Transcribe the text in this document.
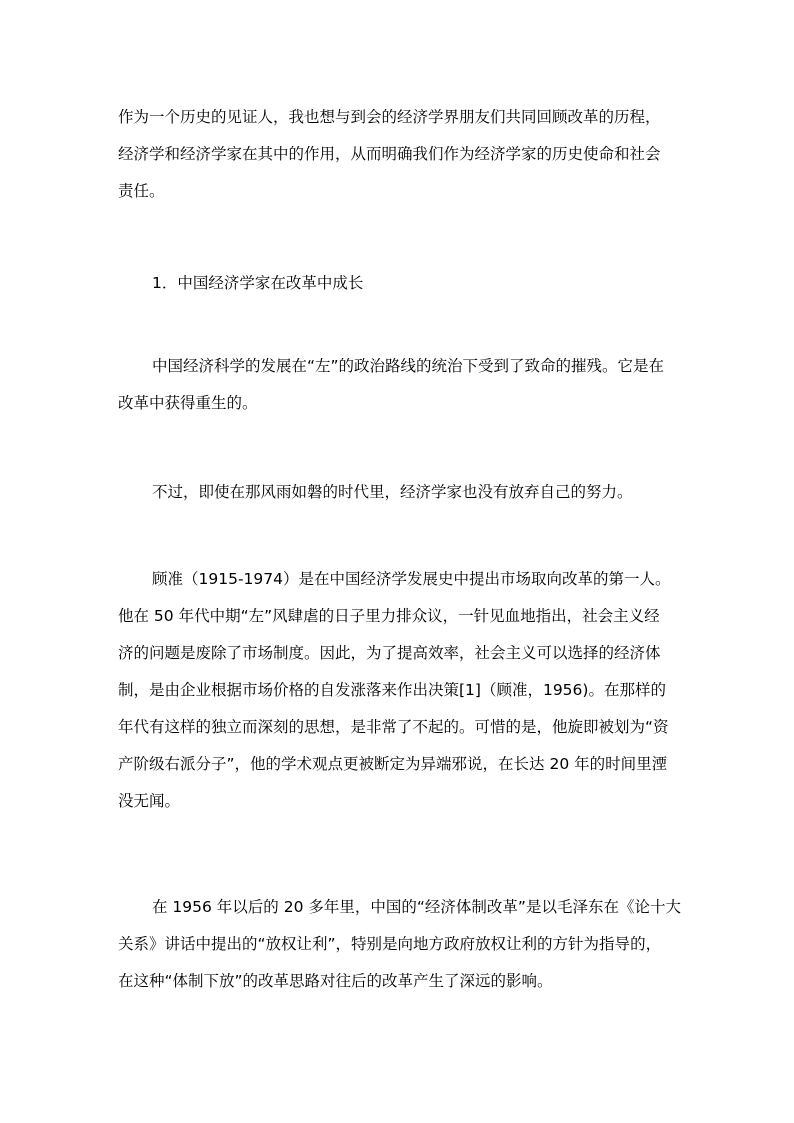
作为一个历史的见证人，我也想与到会的经济学界朋友们共同回顾改革的历程，
经济学和经济学家在其中的作用，从而明确我们作为经济学家的历史使命和社会
责任。
1．中国经济学家在改革中成长
中国经济科学的发展在“左”的政治路线的统治下受到了致命的摧残。它是在
改革中获得重生的。
不过，即使在那风雨如磐的时代里，经济学家也没有放弃自己的努力。
顾准（1915-1974）是在中国经济学发展史中提出市场取向改革的第一人。
他在 50 年代中期“左”风肆虐的日子里力排众议，一针见血地指出，社会主义经
济的问题是废除了市场制度。因此，为了提高效率，社会主义可以选择的经济体
制，是由企业根据市场价格的自发涨落来作出决策[1]（顾准，1956)。在那样的
年代有这样的独立而深刻的思想，是非常了不起的。可惜的是，他旋即被划为“资
产阶级右派分子”，他的学术观点更被断定为异端邪说，在长达 20 年的时间里湮
没无闻。
在 1956 年以后的 20 多年里，中国的“经济体制改革”是以毛泽东在《论十大
关系》讲话中提出的“放权让利”，特别是向地方政府放权让利的方针为指导的，
在这种“体制下放”的改革思路对往后的改革产生了深远的影响。
